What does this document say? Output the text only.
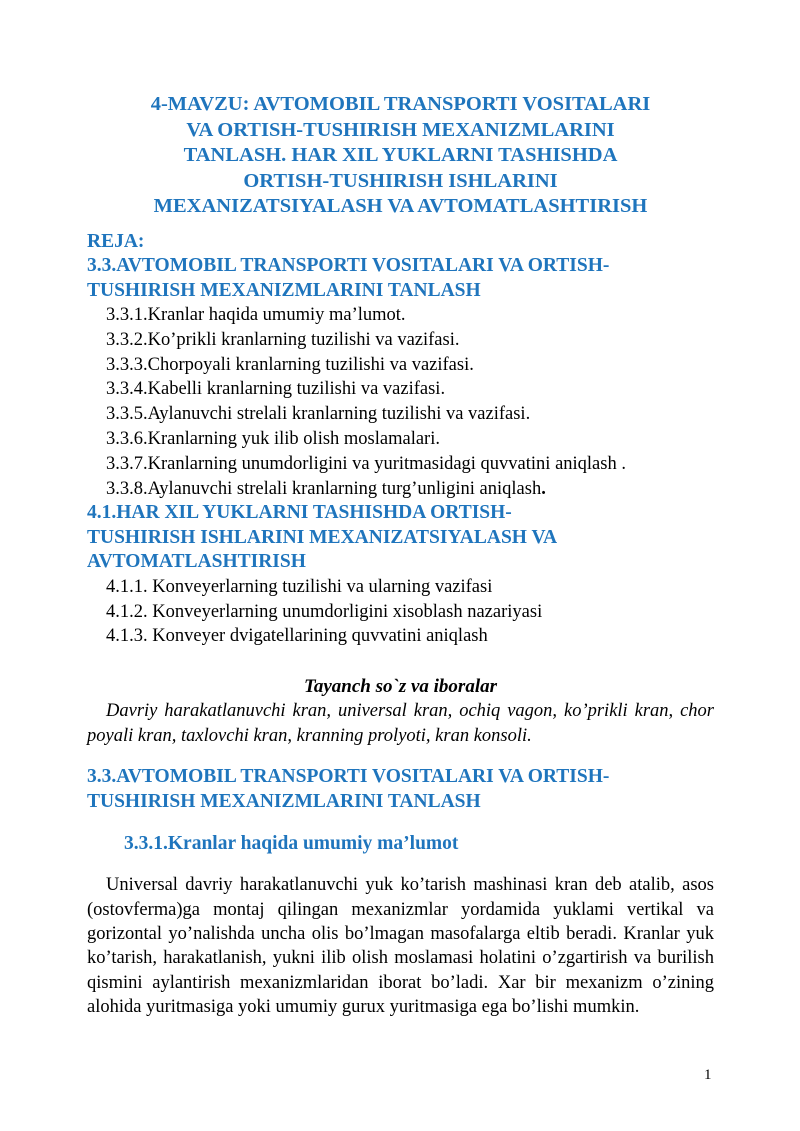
4-MAVZU: AVTOMOBIL TRANSPORTI VOSITALARI
VA ORTISH-TUSHIRISH MEXANIZMLARINI
TANLASH. HAR XIL YUKLARNI TASHISHDA
ORTISH-TUSHIRISH ISHLARINI
MEXANIZATSIYALASH VA AVTOMATLASHTIRISH
REJA:
3.3.AVTOMOBIL TRANSPORTI VOSITALARI VA ORTISH-
TUSHIRISH MEXANIZMLARINI TANLASH
3.3.1.Kranlar haqida umumiy ma’lumot.
3.3.2.Ko’prikli kranlarning tuzilishi va vazifasi.
3.3.3.Chorpoyali kranlarning tuzilishi va vazifasi.
3.3.4.Kabelli kranlarning tuzilishi va vazifasi.
3.3.5.Aylanuvchi strelali kranlarning tuzilishi va vazifasi.
3.3.6.Kranlarning yuk ilib olish moslamalari.
3.3.7.Kranlarning unumdorligini va yuritmasidagi quvvatini aniqlash .
3.3.8.Aylanuvchi strelali kranlarning turg’unligini aniqlash.
4.1.HAR XIL YUKLARNI TASHISHDA ORTISH-
TUSHIRISH ISHLARINI MEXANIZATSIYALASH VA
AVTOMATLASHTIRISH
4.1.1. Konveyerlarning tuzilishi va ularning vazifasi
4.1.2. Konveyerlarning unumdorligini xisoblash nazariyasi
4.1.3. Konveyer dvigatellarining quvvatini aniqlash
Tayanch so`z va iboralar
Davriy harakatlanuvchi kran, universal kran, ochiq vagon, ko’prikli kran, chor poyali kran, taxlovchi kran, kranning prolyoti, kran konsoli.
3.3.AVTOMOBIL TRANSPORTI VOSITALARI VA ORTISH-
TUSHIRISH MEXANIZMLARINI TANLASH
3.3.1.Kranlar haqida umumiy ma’lumot
Universal davriy harakatlanuvchi yuk ko’tarish mashinasi kran deb atalib, asos (ostovferma)ga montaj qilingan mexanizmlar yordamida yuklami vertikal va gorizontal yo’nalishda uncha olis bo’lmagan masofalarga eltib beradi. Kranlar yuk ko’tarish, harakatlanish, yukni ilib olish moslamasi holatini o’zgartirish va burilish qismini aylantirish mexanizmlaridan iborat bo’ladi. Xar bir mexanizm o’zining alohida yuritmasiga yoki umumiy gurux yuritmasiga ega bo’lishi mumkin.
1
